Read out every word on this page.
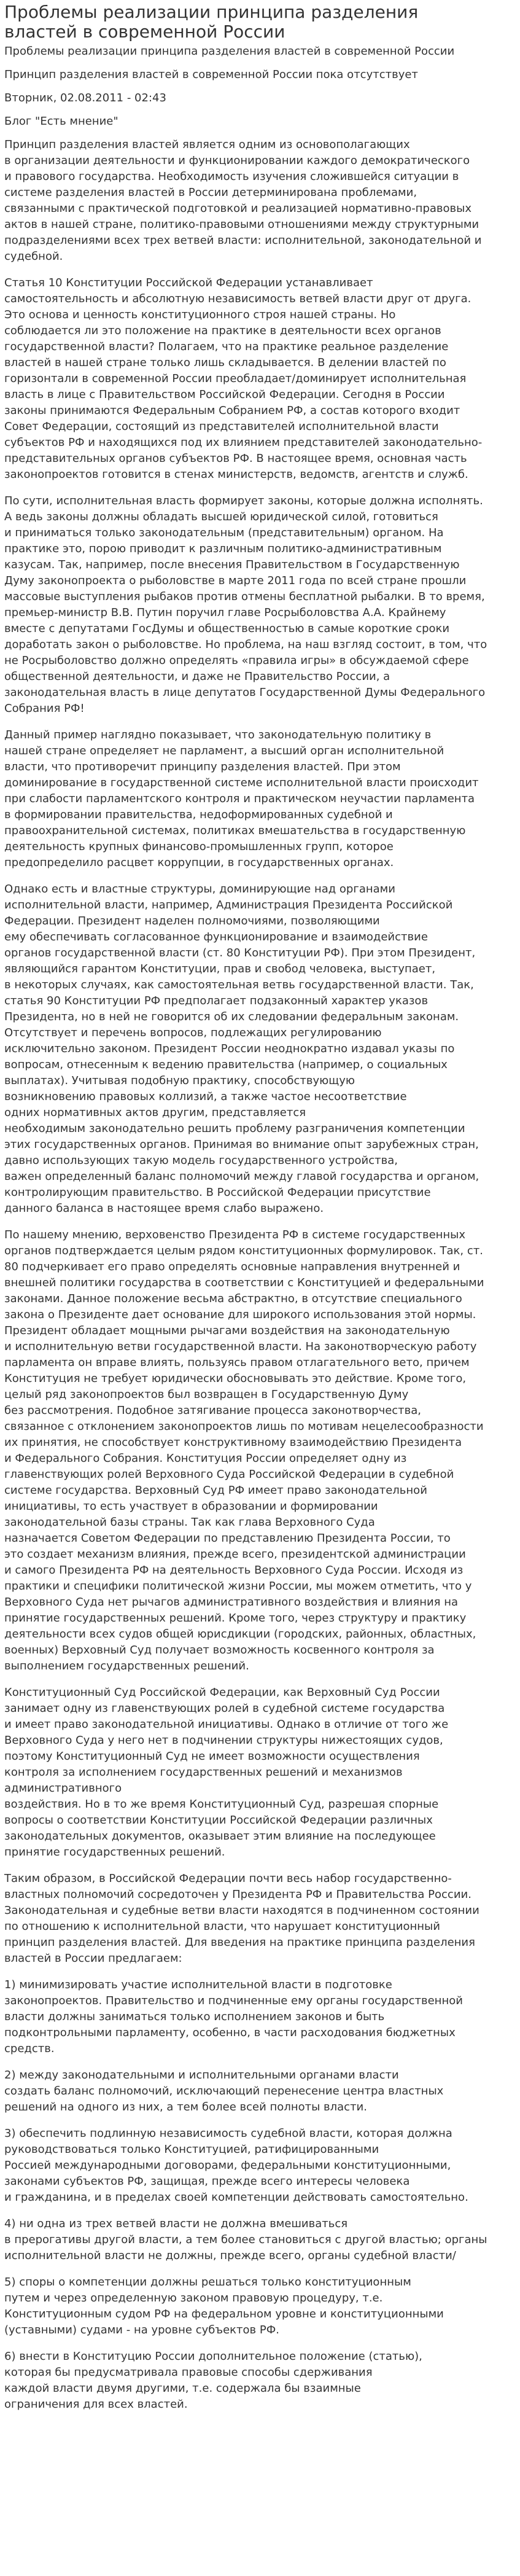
Проблемы реализации принципа разделения властей в современной России
Проблемы реализации принципа разделения властей в современной России
Принцип разделения властей в современной России пока отсутствует
Вторник, 02.08.2011 - 02:43
Блог "Есть мнение"
Принцип разделения властей является одним из основополагающих
в организации деятельности и функционировании каждого демократического
и правового государства. Необходимость изучения сложившейся ситуации в
системе разделения властей в России детерминирована проблемами,
связанными с практической подготовкой и реализацией нормативно-правовых
актов в нашей стране, политико-правовыми отношениями между структурными
подразделениями всех трех ветвей власти: исполнительной, законодательной и
судебной.
Статья 10 Конституции Российской Федерации устанавливает
самостоятельность и абсолютную независимость ветвей власти друг от друга.
Это основа и ценность конституционного строя нашей страны. Но
соблюдается ли это положение на практике в деятельности всех органов
государственной власти? Полагаем, что на практике реальное разделение
властей в нашей стране только лишь складывается. В делении властей по
горизонтали в современной России преобладает/доминирует исполнительная
власть в лице с Правительством Российской Федерации. Сегодня в России
законы принимаются Федеральным Собранием РФ, а состав которого входит
Совет Федерации, состоящий из представителей исполнительной власти
субъектов РФ и находящихся под их влиянием представителей законодательно-
представительных органов субъектов РФ. В настоящее время, основная часть
законопроектов готовится в стенах министерств, ведомств, агентств и служб.
По сути, исполнительная власть формирует законы, которые должна исполнять.
А ведь законы должны обладать высшей юридической силой, готовиться
и приниматься только законодательным (представительным) органом. На
практике это, порою приводит к различным политико-административным
казусам. Так, например, после внесения Правительством в Государственную
Думу законопроекта о рыболовстве в марте 2011 года по всей стране прошли
массовые выступления рыбаков против отмены бесплатной рыбалки. В то время,
премьер-министр В.В. Путин поручил главе Росрыболовства А.А. Крайнему
вместе с депутатами ГосДумы и общественностью в самые короткие сроки
доработать закон о рыболовстве. Но проблема, на наш взгляд состоит, в том, что
не Росрыболовство должно определять «правила игры» в обсуждаемой сфере
общественной деятельности, и даже не Правительство России, а
законодательная власть в лице депутатов Государственной Думы Федерального
Собрания РФ!
Данный пример наглядно показывает, что законодательную политику в
нашей стране определяет не парламент, а высший орган исполнительной
власти, что противоречит принципу разделения властей. При этом
доминирование в государственной системе исполнительной власти происходит
при слабости парламентского контроля и практическом неучастии парламента
в формировании правительства, недоформированных судебной и
правоохранительной системах, политиках вмешательства в государственную
деятельность крупных финансово-промышленных групп, которое
предопределило расцвет коррупции, в государственных органах.
Однако есть и властные структуры, доминирующие над органами
исполнительной власти, например, Администрация Президента Российской
Федерации. Президент наделен полномочиями, позволяющими
ему обеспечивать согласованное функционирование и взаимодействие
органов государственной власти (ст. 80 Конституции РФ). При этом Президент,
являющийся гарантом Конституции, прав и свобод человека, выступает,
в некоторых случаях, как самостоятельная ветвь государственной власти. Так,
статья 90 Конституции РФ предполагает подзаконный характер указов
Президента, но в ней не говорится об их следовании федеральным законам.
Отсутствует и перечень вопросов, подлежащих регулированию
исключительно законом. Президент России неоднократно издавал указы по
вопросам, отнесенным к ведению правительства (например, о социальных
выплатах). Учитывая подобную практику, способствующую
возникновению правовых коллизий, а также частое несоответствие
одних нормативных актов другим, представляется
необходимым законодательно решить проблему разграничения компетенции
этих государственных органов. Принимая во внимание опыт зарубежных стран,
давно использующих такую модель государственного устройства,
важен определенный баланс полномочий между главой государства и органом,
контролирующим правительство. В Российской Федерации присутствие
данного баланса в настоящее время слабо выражено.
По нашему мнению, верховенство Президента РФ в системе государственных
органов подтверждается целым рядом конституционных формулировок. Так, ст.
80 подчеркивает его право определять основные направления внутренней и
внешней политики государства в соответствии с Конституцией и федеральными
законами. Данное положение весьма абстрактно, в отсутствие специального
закона о Президенте дает основание для широкого использования этой нормы.
Президент обладает мощными рычагами воздействия на законодательную
и исполнительную ветви государственной власти. На законотворческую работу
парламента он вправе влиять, пользуясь правом отлагательного вето, причем
Конституция не требует юридически обосновывать это действие. Кроме того,
целый ряд законопроектов был возвращен в Государственную Думу
без рассмотрения. Подобное затягивание процесса законотворчества,
связанное с отклонением законопроектов лишь по мотивам нецелесообразности
их принятия, не способствует конструктивному взаимодействию Президента
и Федерального Собрания. Конституция России определяет одну из
главенствующих ролей Верховного Суда Российской Федерации в судебной
системе государства. Верховный Суд РФ имеет право законодательной
инициативы, то есть участвует в образовании и формировании
законодательной базы страны. Так как глава Верховного Суда
назначается Советом Федерации по представлению Президента России, то
это создает механизм влияния, прежде всего, президентской администрации
и самого Президента РФ на деятельность Верховного Суда России. Исходя из
практики и специфики политической жизни России, мы можем отметить, что у
Верховного Суда нет рычагов административного воздействия и влияния на
принятие государственных решений. Кроме того, через структуру и практику
деятельности всех судов общей юрисдикции (городских, районных, областных,
военных) Верховный Суд получает возможность косвенного контроля за
выполнением государственных решений.
Конституционный Суд Российской Федерации, как Верховный Суд России
занимает одну из главенствующих ролей в судебной системе государства
и имеет право законодательной инициативы. Однако в отличие от того же
Верховного Суда у него нет в подчинении структуры нижестоящих судов,
поэтому Конституционный Суд не имеет возможности осуществления
контроля за исполнением государственных решений и механизмов административного
воздействия. Но в то же время Конституционный Суд, разрешая спорные
вопросы о соответствии Конституции Российской Федерации различных
законодательных документов, оказывает этим влияние на последующее
принятие государственных решений.
Таким образом, в Российской Федерации почти весь набор государственно-
властных полномочий сосредоточен у Президента РФ и Правительства России.
Законодательная и судебные ветви власти находятся в подчиненном состоянии
по отношению к исполнительной власти, что нарушает конституционный
принцип разделения властей. Для введения на практике принципа разделения
властей в России предлагаем:
1) минимизировать участие исполнительной власти в подготовке
законопроектов. Правительство и подчиненные ему органы государственной
власти должны заниматься только исполнением законов и быть
подконтрольными парламенту, особенно, в части расходования бюджетных
средств.
2) между законодательными и исполнительными органами власти
создать баланс полномочий, исключающий перенесение центра властных
решений на одного из них, а тем более всей полноты власти.
3) обеспечить подлинную независимость судебной власти, которая должна
руководствоваться только Конституцией, ратифицированными
Россией международными договорами, федеральными конституционными,
законами субъектов РФ, защищая, прежде всего интересы человека
и гражданина, и в пределах своей компетенции действовать самостоятельно.
4) ни одна из трех ветвей власти не должна вмешиваться
в прерогативы другой власти, а тем более становиться с другой властью; органы
исполнительной власти не должны, прежде всего, органы судебной власти/
5) споры о компетенции должны решаться только конституционным
путем и через определенную законом правовую процедуру, т.е.
Конституционным судом РФ на федеральном уровне и конституционными
(уставными) судами - на уровне субъектов РФ.
6) внести в Конституцию России дополнительное положение (статью),
которая бы предусматривала правовые способы сдерживания
каждой власти двумя другими, т.е. содержала бы взаимные
ограничения для всех властей.
